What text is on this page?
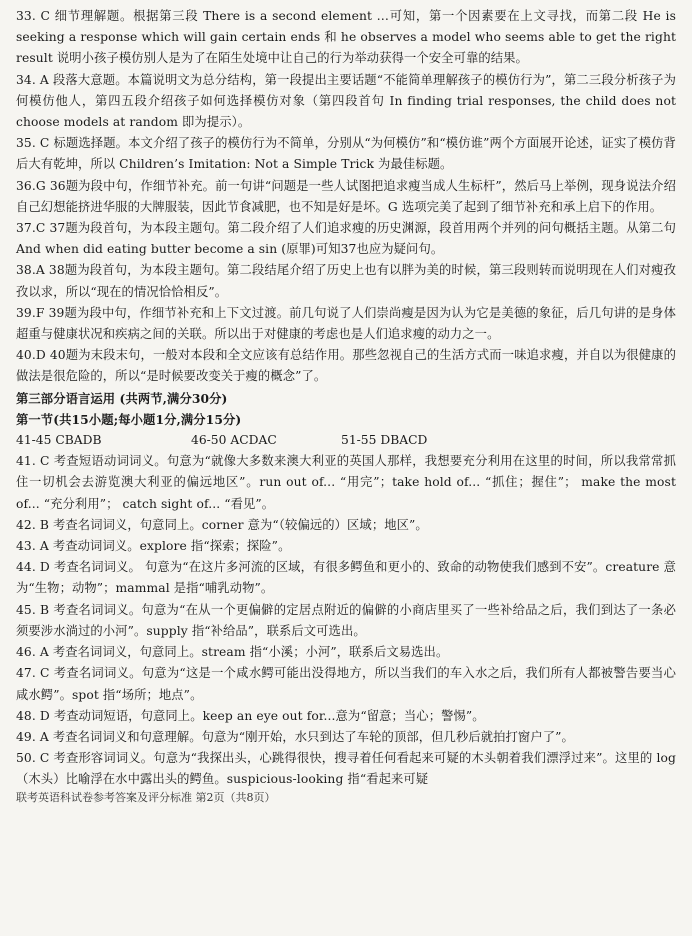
33. C 细节理解题。根据第三段 There is a second element …可知，第一个因素要在上文寻找，而第二段 He is seeking a response which will gain certain ends 和 he observes a model who seems able to get the right result 说明小孩子模仿别人是为了在陌生处境中让自己的行为举动获得一个安全可靠的结果。

34. A 段落大意题。本篇说明文为总分结构，第一段提出主要话题“不能简单理解孩子的模仿行为”，第二三段分析孩子为何模仿他人，第四五段介绍孩子如何选择模仿对象（第四段首句 In finding trial responses, the child does not choose models at random 即为提示）。

35. C 标题选择题。本文介绍了孩子的模仿行为不简单，分别从“为何模仿”和“模仿谁”两个方面展开论述，证实了模仿背后大有乾坤，所以 Children’s Imitation: Not a Simple Trick 为最佳标题。

36.G 36题为段中句，作细节补充。前一句讲“问题是一些人试图把追求瘦当成人生标杆”，然后马上举例，现身说法介绍自己幻想能挤进华服的大牌服装，因此节食减肥，也不知是好是坏。G 选项完美了起到了细节补充和承上启下的作用。

37.C 37题为段首句，为本段主题句。第二段介绍了人们追求瘦的历史渊源，段首用两个并列的问句概括主题。从第二句 And when did eating butter become a sin (原罪)可知37也应为疑问句。

38.A 38题为段首句，为本段主题句。第二段结尾介绍了历史上也有以胖为美的时候，第三段则转而说明现在人们对瘦孜孜以求，所以“现在的情况恰恰相反”。

39.F 39题为段中句，作细节补充和上下文过渡。前几句说了人们崇尚瘦是因为认为它是美德的象征，后几句讲的是身体超重与健康状况和疾病之间的关联。所以出于对健康的考虑也是人们追求瘦的动力之一。

40.D 40题为末段末句，一般对本段和全文应该有总结作用。那些忽视自己的生活方式而一味追求瘦，并自以为很健康的做法是很危险的，所以“是时候要改变关于瘦的概念”了。

第三部分语言运用 (共两节,满分30分)

第一节(共15小题;每小题1分,满分15分)

41-45 CBADB	46-50 ACDAC	51-55 DBACD

41. C 考查短语动词词义。句意为“就像大多数来澳大利亚的英国人那样，我想要充分利用在这里的时间，所以我常常抓住一切机会去游览澳大利亚的偏远地区”。run out of... “用完”；take hold of... “抓住；握住”； make the most of... “充分利用”； catch sight of... “看见”。

42. B 考查名词词义，句意同上。corner 意为“（较偏远的）区域；地区”。

43. A 考查动词词义。explore 指“探索；探险”。

44. D 考查名词词义。 句意为“在这片多河流的区域，有很多鳄鱼和更小的、致命的动物使我们感到不安”。creature 意为“生物；动物”；mammal 是指“哺乳动物”。

45. B 考查名词词义。句意为“在从一个更偏僻的定居点附近的偏僻的小商店里买了一些补给品之后，我们到达了一条必须要涉水淌过的小河”。supply 指“补给品”，联系后文可选出。

46. A 考查名词词义，句意同上。stream 指“小溪；小河”，联系后文易选出。

47. C 考查名词词义。句意为“这是一个咸水鳄可能出没得地方，所以当我们的车入水之后，我们所有人都被警告要当心咸水鳄”。spot 指“场所；地点”。

48. D 考查动词短语，句意同上。keep an eye out for...意为“留意；当心；警惕”。

49. A 考查名词词义和句意理解。句意为“刚开始，水只到达了车轮的顶部，但几秒后就拍打窗户了”。

50. C 考查形容词词义。句意为“我探出头，心跳得很快，搜寻着任何看起来可疑的木头朝着我们漂浮过来”。这里的 log （木头）比喻浮在水中露出头的鳄鱼。suspicious-looking 指“看起来可疑

联考英语科试卷参考答案及评分标准 第2页（共8页）
